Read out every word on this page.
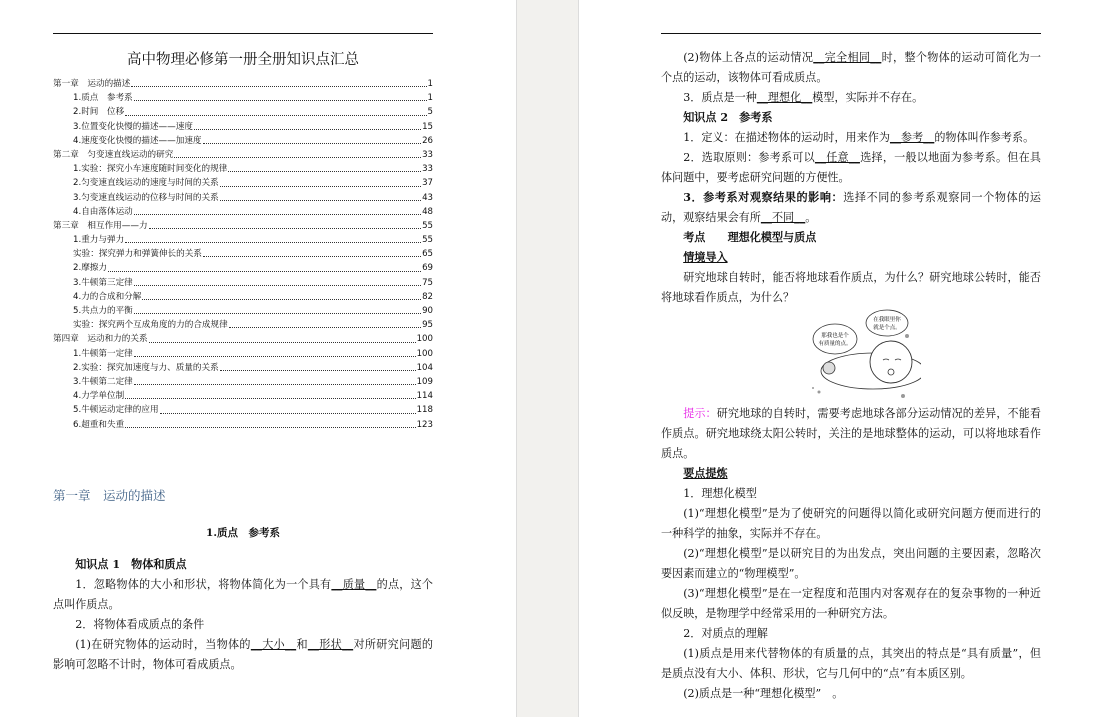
高中物理必修第一册全册知识点汇总
第一章　运动的描述	1
1.质点　参考系	1
2.时间　位移	5
3.位置变化快慢的描述——速度	15
4.速度变化快慢的描述——加速度	26
第二章　匀变速直线运动的研究	33
1.实验：探究小车速度随时间变化的规律	33
2.匀变速直线运动的速度与时间的关系	37
3.匀变速直线运动的位移与时间的关系	43
4.自由落体运动	48
第三章　相互作用——力	55
1.重力与弹力	55
实验：探究弹力和弹簧伸长的关系	65
2.摩擦力	69
3.牛顿第三定律	75
4.力的合成和分解	82
5.共点力的平衡	90
实验：探究两个互成角度的力的合成规律	95
第四章　运动和力的关系	100
1.牛顿第一定律	100
2.实验：探究加速度与力、质量的关系	104
3.牛顿第二定律	109
4.力学单位制	114
5.牛顿运动定律的应用	118
6.超重和失重	123
第一章　运动的描述
1.质点　参考系
知识点 1　物体和质点
1．忽略物体的大小和形状，将物体简化为一个具有__质量__的点，这个点叫作质点。
2．将物体看成质点的条件
(1)在研究物体的运动时，当物体的__大小__和__形状__对所研究问题的影响可忽略不计时，物体可看成质点。
(2)物体上各点的运动情况__完全相同__时，整个物体的运动可简化为一个点的运动，该物体可看成质点。
3．质点是一种__理想化__模型，实际并不存在。
知识点 2　参考系
1．定义：在描述物体的运动时，用来作为__参考__的物体叫作参考系。
2．选取原则：参考系可以__任意__选择，一般以地面为参考系。但在具体问题中，要考虑研究问题的方便性。
3．参考系对观察结果的影响：选择不同的参考系观察同一个物体的运动，观察结果会有所__不同__。
考点　　理想化模型与质点
情境导入
研究地球自转时，能否将地球看作质点，为什么？研究地球公转时，能否将地球看作质点，为什么？
那我也是个
有质量的点。
在我眼里你
就是个点。
提示：研究地球的自转时，需要考虑地球各部分运动情况的差异，不能看作质点。研究地球绕太阳公转时，关注的是地球整体的运动，可以将地球看作质点。
要点提炼
1．理想化模型
(1)“理想化模型”是为了使研究的问题得以简化或研究问题方便而进行的一种科学的抽象，实际并不存在。
(2)“理想化模型”是以研究目的为出发点，突出问题的主要因素，忽略次要因素而建立的“物理模型”。
(3)“理想化模型”是在一定程度和范围内对客观存在的复杂事物的一种近似反映，是物理学中经常采用的一种研究方法。
2．对质点的理解
(1)质点是用来代替物体的有质量的点，其突出的特点是“具有质量”，但是质点没有大小、体积、形状，它与几何中的“点”有本质区别。
(2)质点是一种“理想化模型”　。
